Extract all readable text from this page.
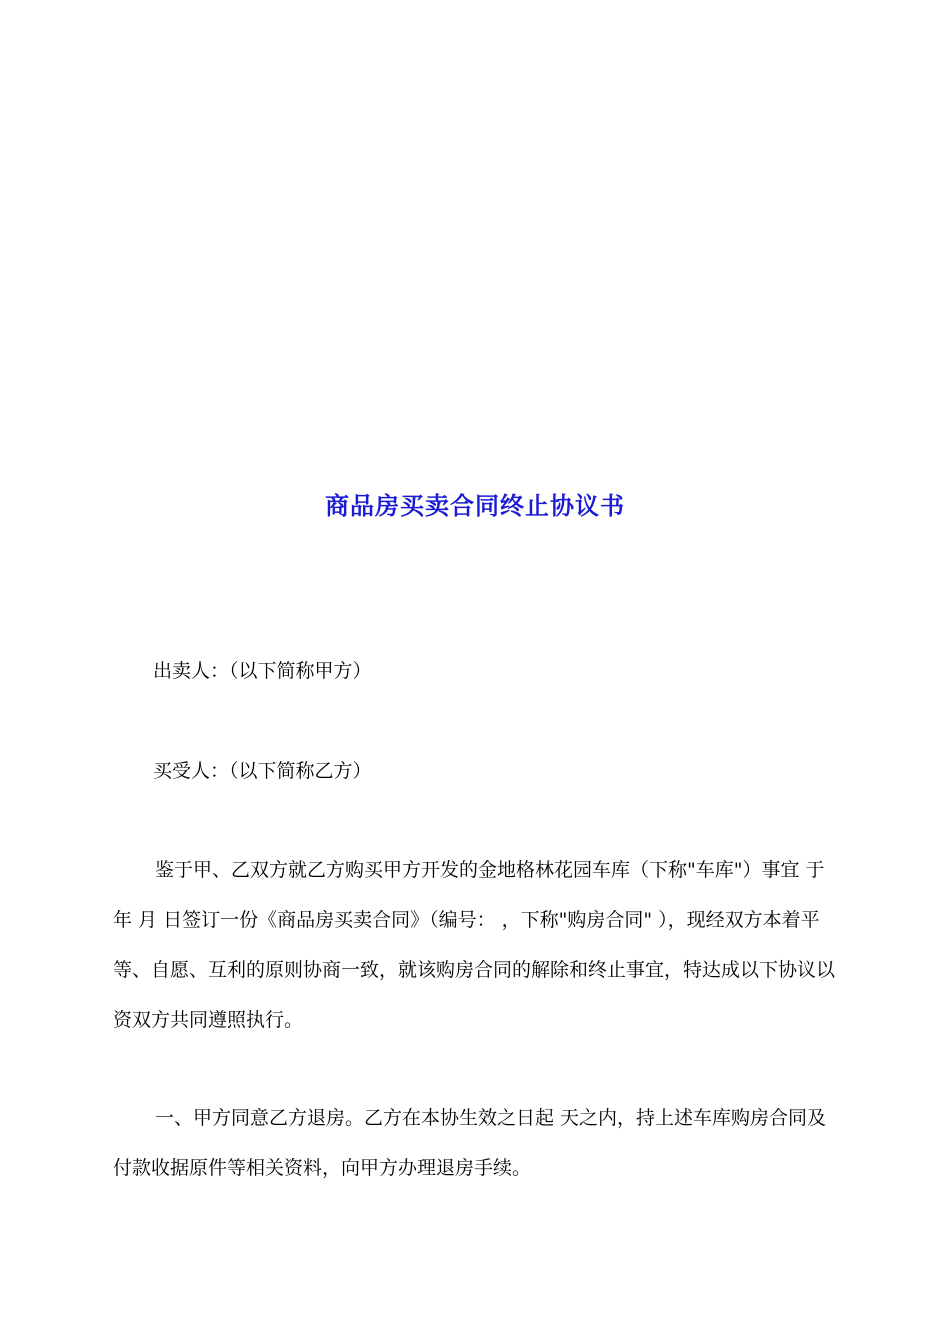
商品房买卖合同终止协议书
出卖人：（以下简称甲方）
买受人：（以下简称乙方）
鉴于甲、乙双方就乙方购买甲方开发的金地格林花园车库（下称"车库"）事宜 于 年 月 日签订一份《商品房买卖合同》（编号： ，下称"购房合同" ），现经双方本着平等、自愿、互利的原则协商一致，就该购房合同的解除和终止事宜，特达成以下协议以资双方共同遵照执行。
一、甲方同意乙方退房。乙方在本协生效之日起 天之内，持上述车库购房合同及付款收据原件等相关资料，向甲方办理退房手续。
